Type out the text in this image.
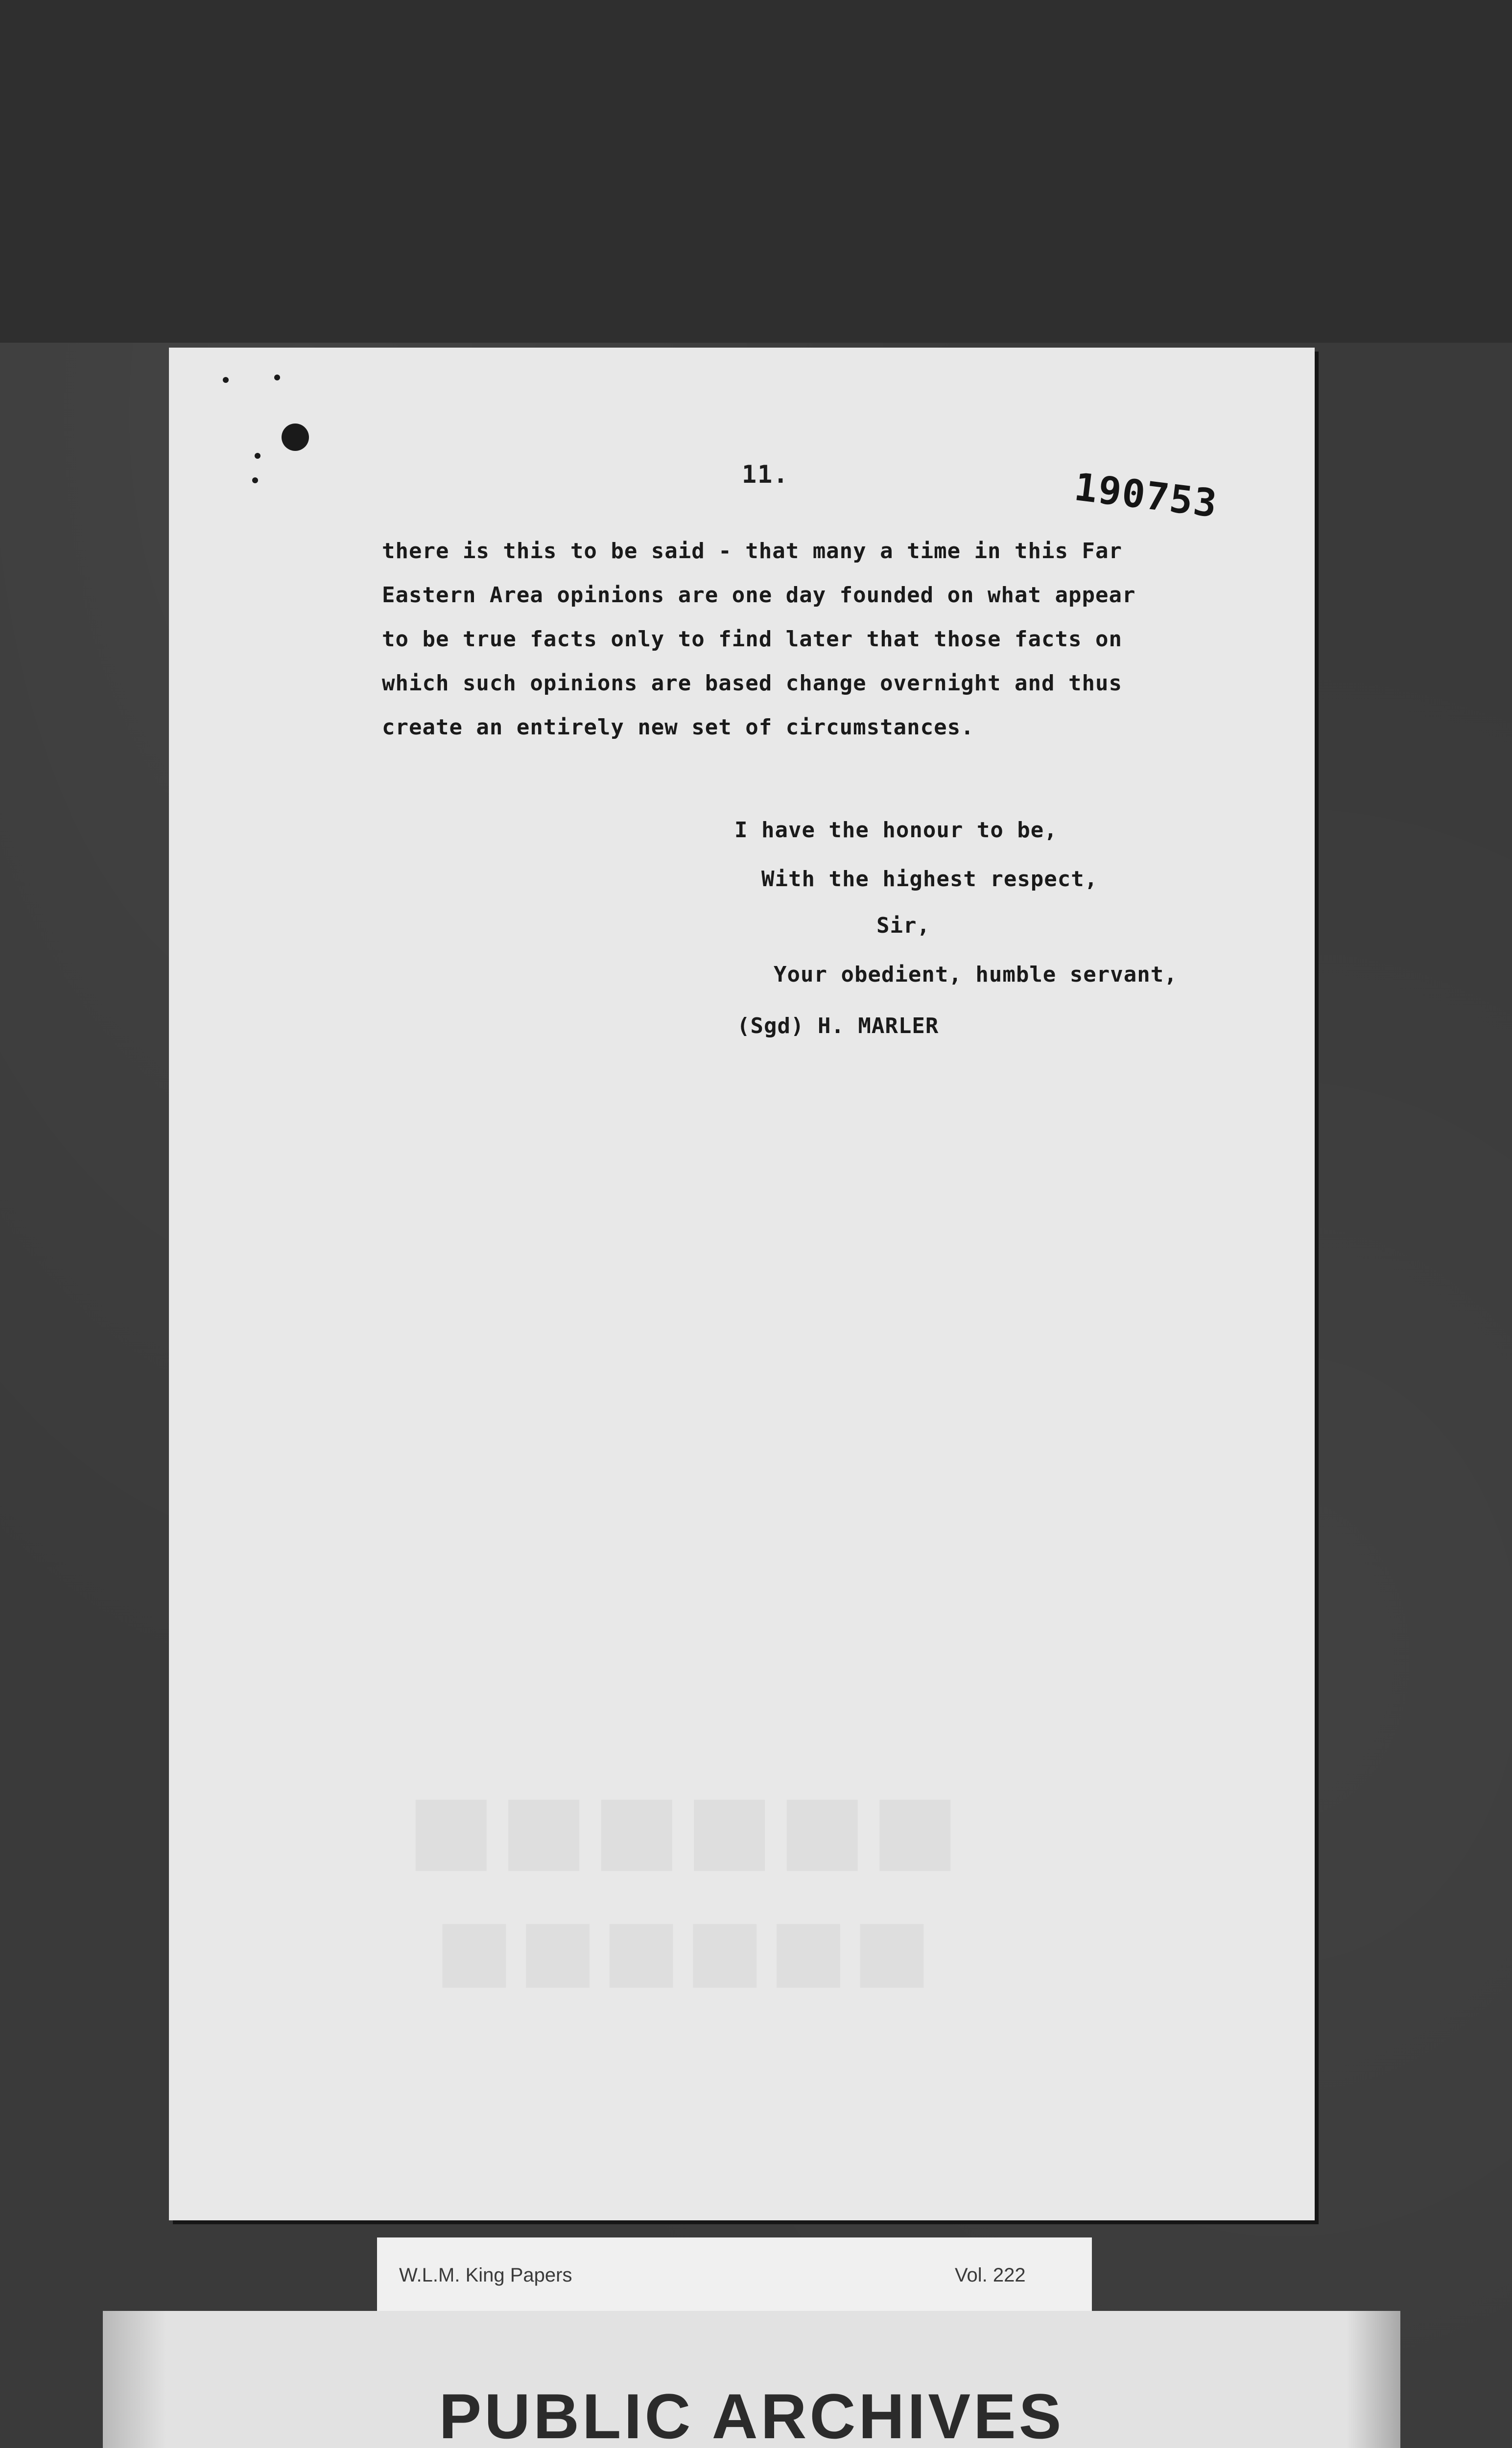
11.	190753
there is this to be said - that many a time in this Far
Eastern Area opinions are one day founded on what appear
to be true facts only to find later that those facts on
which such opinions are based change overnight and thus
create an entirely new set of circumstances.
I have the honour to be,
With the highest respect,
Sir,
Your obedient, humble servant,
(Sgd) H. MARLER
W.L.M. King Papers	Vol. 222
PUBLIC ARCHIVES
